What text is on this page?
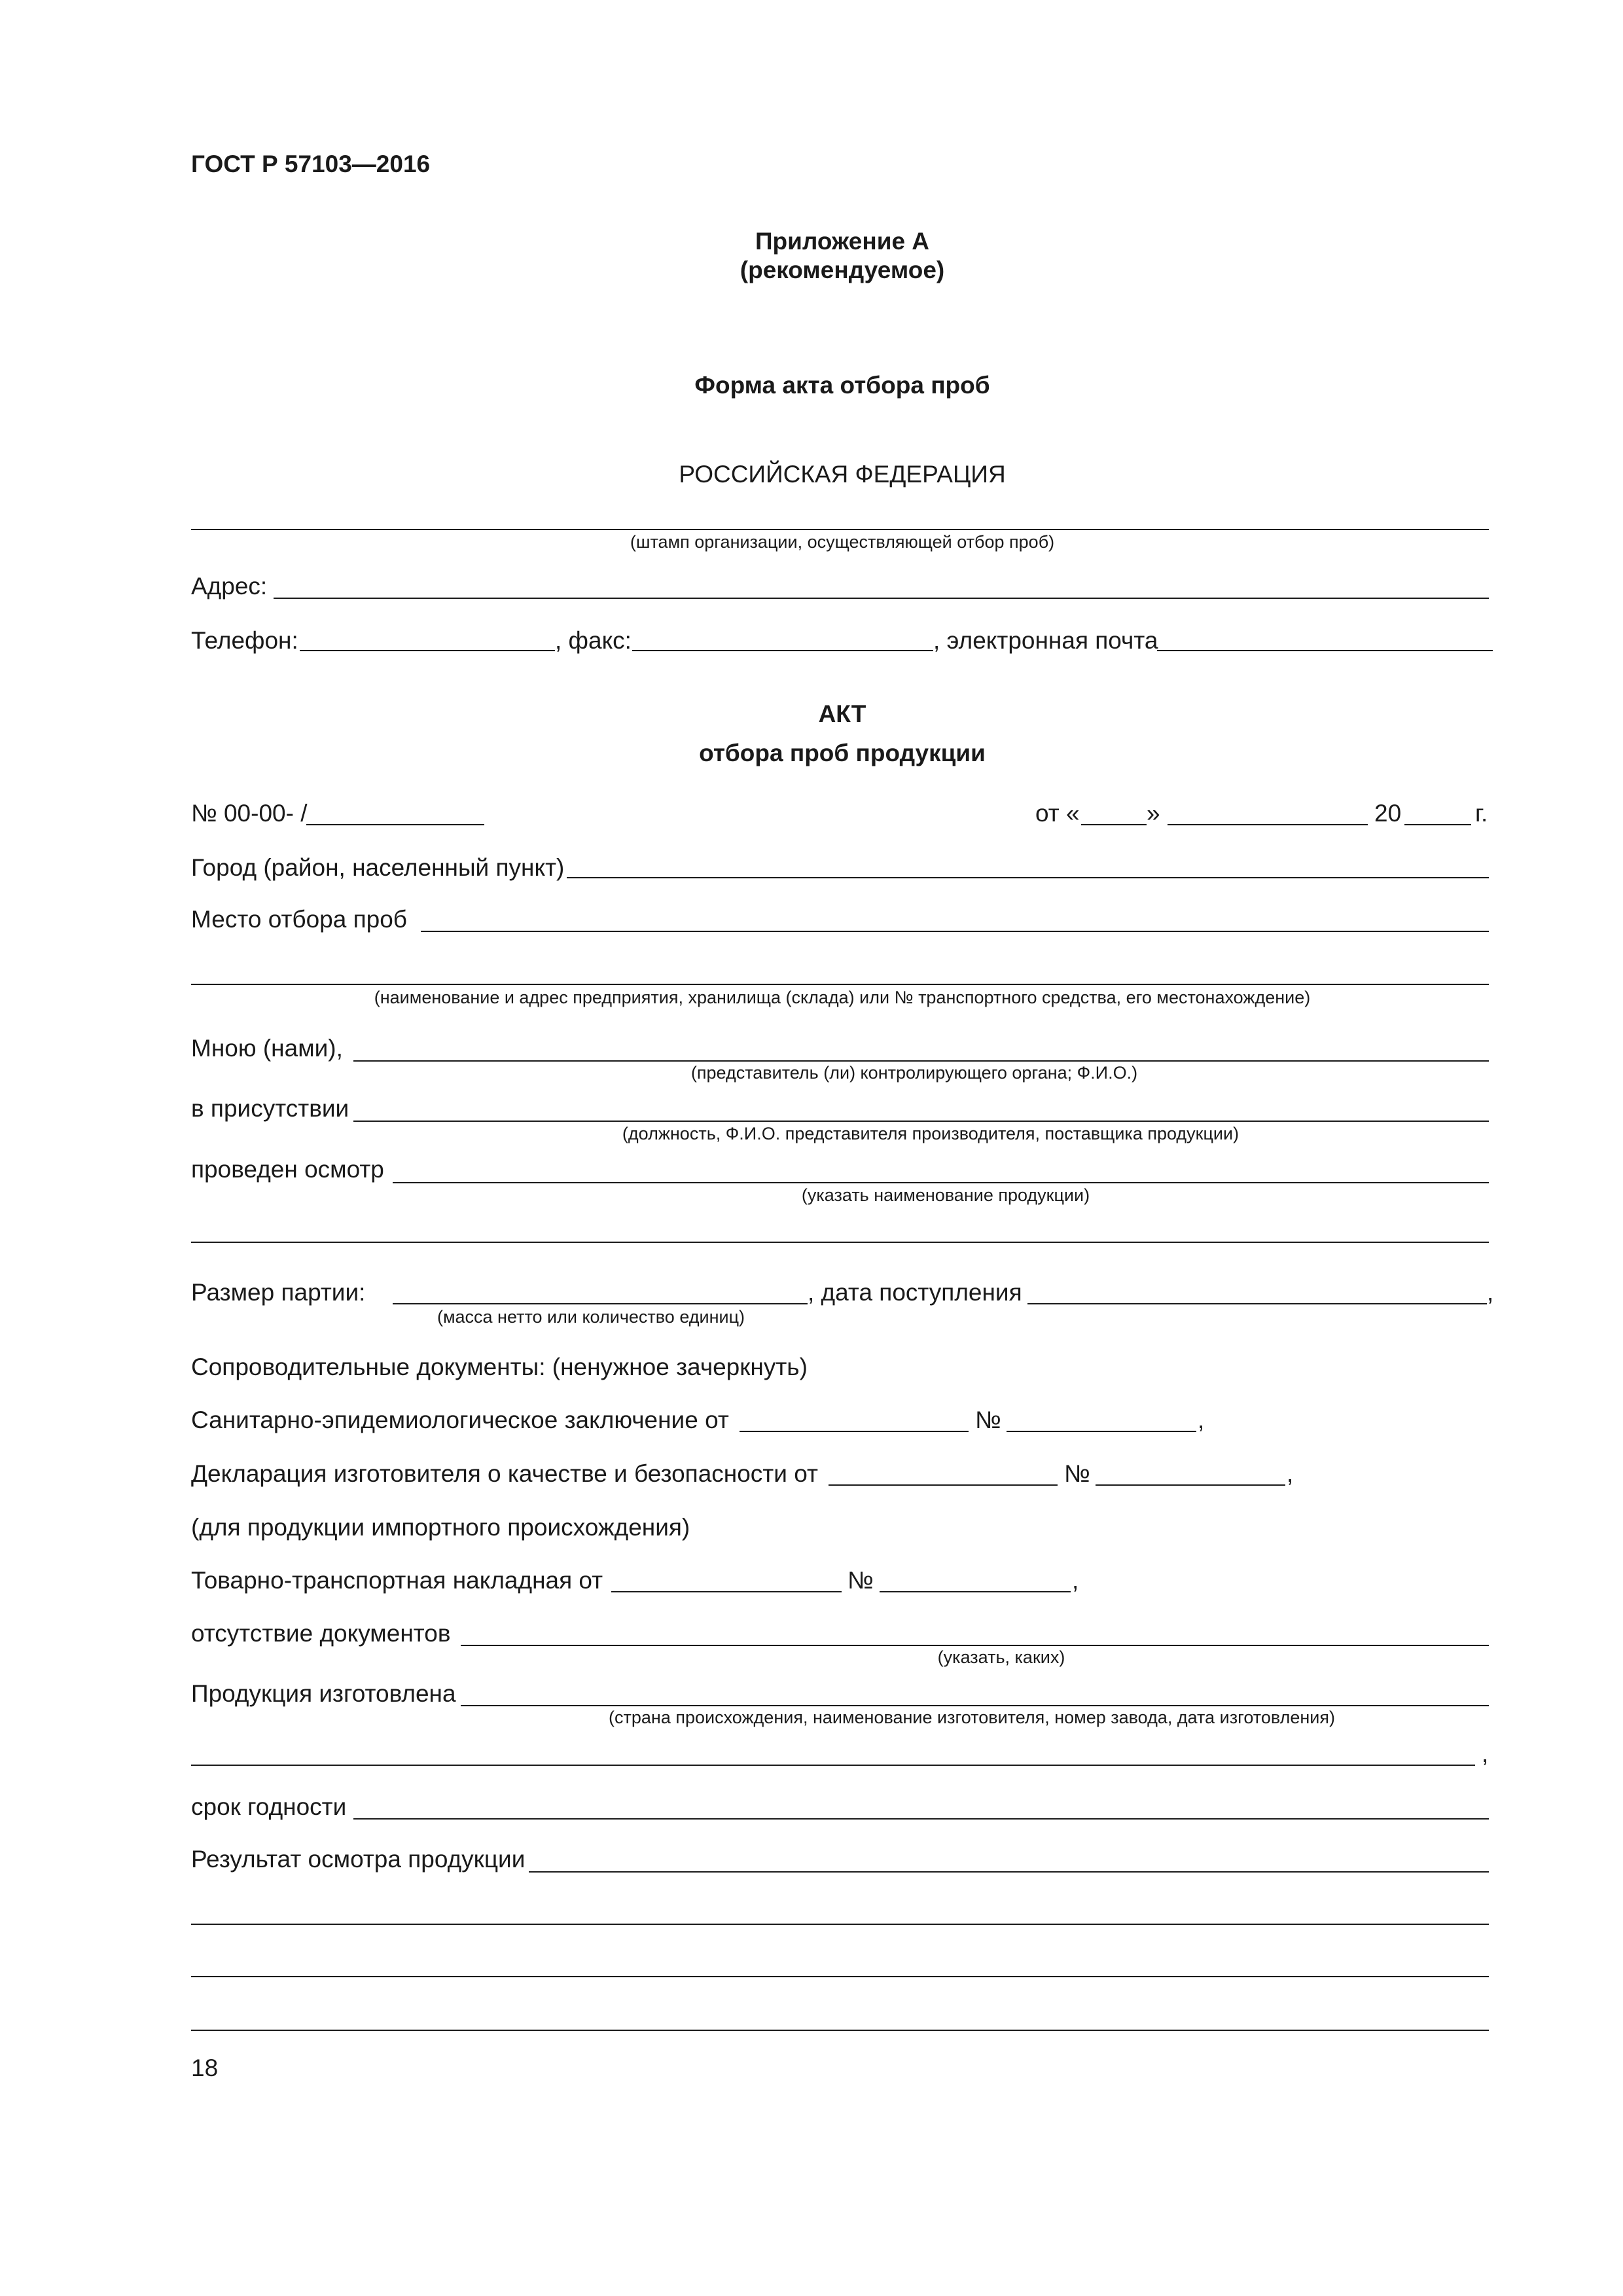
ГОСТ Р 57103—2016
Приложение А
(рекомендуемое)
Форма акта отбора проб
РОССИЙСКАЯ ФЕДЕРАЦИЯ
(штамп организации, осуществляющей отбор проб)
Адрес:
Телефон:	, факс:	, электронная почта
АКТ
отбора проб продукции
№ 00-00- /	от «	»	20	г.
Город (район, населенный пункт)
Место отбора проб
(наименование и адрес предприятия, хранилища (склада) или № транспортного средства, его местонахождение)
Мною (нами),
(представитель (ли) контролирующего органа; Ф.И.О.)
в присутствии
(должность, Ф.И.О. представителя производителя, поставщика продукции)
проведен осмотр
(указать наименование продукции)
Размер партии:
(масса нетто или количество единиц)
, дата поступления	,
Сопроводительные документы: (ненужное зачеркнуть)
Санитарно-эпидемиологическое заключение от	№	,
Декларация изготовителя о качестве и безопасности от	№	,
(для продукции импортного происхождения)
Товарно-транспортная накладная от	№	,
отсутствие документов
(указать, каких)
Продукция изготовлена
(страна происхождения, наименование изготовителя, номер завода, дата изготовления)
,
срок годности
Результат осмотра продукции
18
